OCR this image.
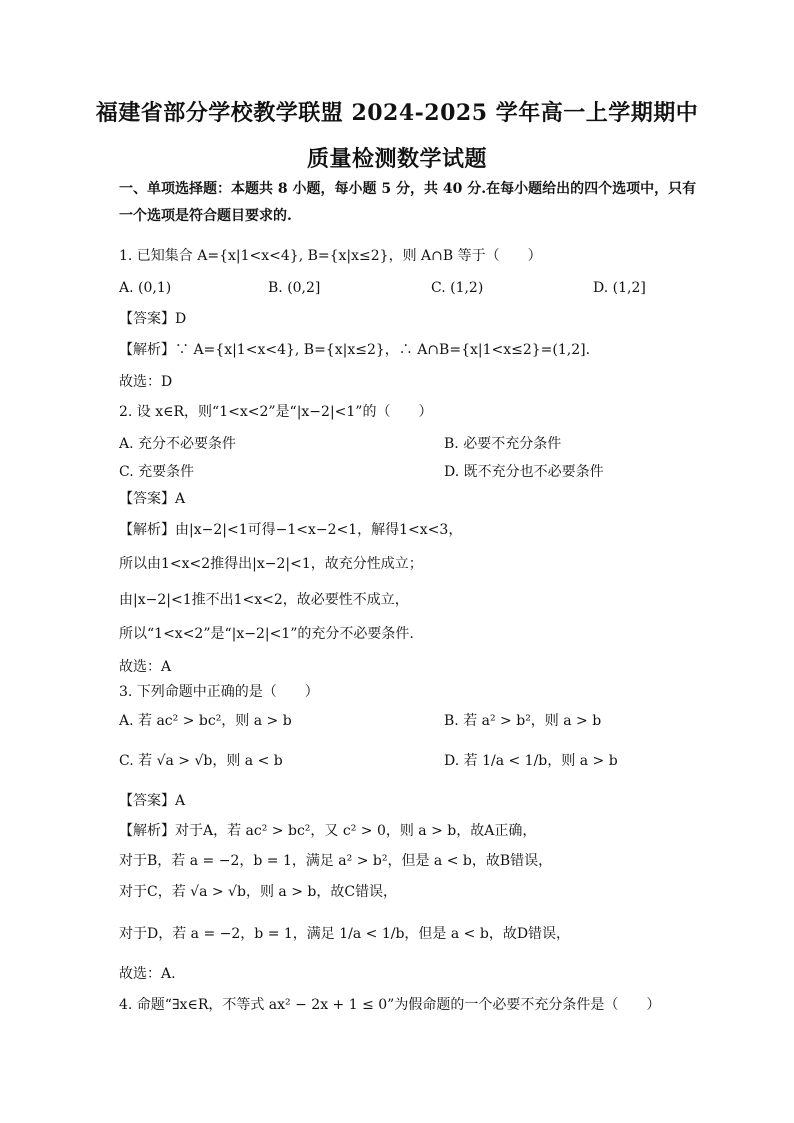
福建省部分学校教学联盟 2024-2025 学年高一上学期期中
质量检测数学试题
一、单项选择题：本题共 8 小题，每小题 5 分，共 40 分.在每小题给出的四个选项中，只有
一个选项是符合题目要求的.
1. 已知集合 A={x|1<x<4}, B={x|x≤2}，则 A∩B 等于（　　）
A. (0,1)	B. (0,2]	C. (1,2)	D. (1,2]
【答案】D
【解析】∵ A={x|1<x<4}, B={x|x≤2}，∴ A∩B={x|1<x≤2}=(1,2].
故选：D
2. 设 x∈R，则“1<x<2”是“|x−2|<1”的（　　）
A. 充分不必要条件	B. 必要不充分条件
C. 充要条件	D. 既不充分也不必要条件
【答案】A
【解析】由|x−2|<1可得−1<x−2<1，解得1<x<3，
所以由1<x<2推得出|x−2|<1，故充分性成立；
由|x−2|<1推不出1<x<2，故必要性不成立，
所以“1<x<2”是“|x−2|<1”的充分不必要条件.
故选：A
3. 下列命题中正确的是（　　）
A. 若 ac² > bc²，则 a > b	B. 若 a² > b²，则 a > b
C. 若 √a > √b，则 a < b	D. 若 1/a < 1/b，则 a > b
【答案】A
【解析】对于A，若 ac² > bc²，又 c² > 0，则 a > b，故A正确，
对于B，若 a = −2，b = 1，满足 a² > b²，但是 a < b，故B错误，
对于C，若 √a > √b，则 a > b，故C错误，
对于D，若 a = −2，b = 1，满足 1/a < 1/b，但是 a < b，故D错误，
故选：A.
4. 命题“∃x∈R，不等式 ax² − 2x + 1 ≤ 0”为假命题的一个必要不充分条件是（　　）
